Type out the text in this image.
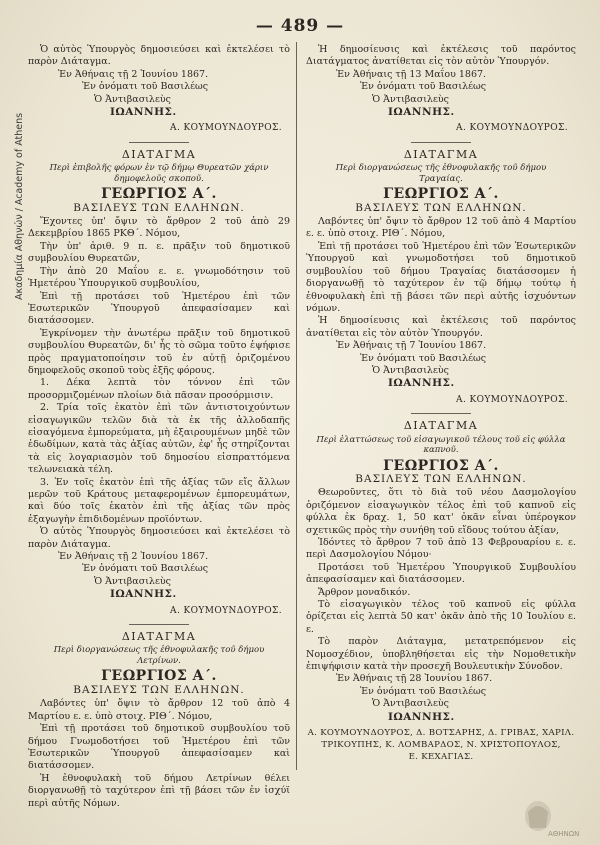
— 489 —
Ακαδημία Αθηνών / Academy of Athens

Ὁ αὐτὸς Ὑπουργὸς δημοσιεύσει καὶ ἐκτελέσει τὸ παρὸν Διάταγμα.

Ἐν Ἀθήναις τῇ 2 Ἰουνίου 1867.

Ἐν ὀνόματι τοῦ Βασιλέως

Ὁ Ἀντιβασιλεὺς

ΙΩΑΝΝΗΣ.

Α. ΚΟΥΜΟΥΝΔΟΥΡΟΣ.

ΔΙΑΤΑΓΜΑ
Περὶ ἐπιβολῆς φόρων ἐν τῷ δήμῳ Θυρεατῶν χάριν δημοφελοῦς σκοποῦ.
ΓΕΩΡΓΙΟΣ Α΄.
ΒΑΣΙΛΕΥΣ ΤΩΝ ΕΛΛΗΝΩΝ.

Ἔχοντες ὑπ' ὄψιν τὸ ἄρθρον 2 τοῦ ἀπὸ 29 Δεκεμβρίου 1865 ΡΚΘ΄. Νόμου,

Τὴν ὑπ' ἀριθ. 9 π. ε. πρᾶξιν τοῦ δημοτικοῦ συμβουλίου Θυρεατῶν,

Τὴν ἀπὸ 20 Μαΐου ε. ε. γνωμοδότησιν τοῦ Ἡμετέρου Ὑπουργικοῦ συμβουλίου,

Ἐπὶ τῇ προτάσει τοῦ Ἡμετέρου ἐπὶ τῶν Ἐσωτερικῶν Ὑπουργοῦ ἀπεφασίσαμεν καὶ διατάσσομεν.

Ἐγκρίνομεν τὴν ἀνωτέρω πρᾶξιν τοῦ δημοτικοῦ συμβουλίου Θυρεατῶν, δι' ἧς τὸ σῶμα τοῦτο ἐψήφισε πρὸς πραγματοποίησιν τοῦ ἐν αὐτῇ ὁριζομένου δημοφελοῦς σκοποῦ τοὺς ἑξῆς φόρους.

1. Δέκα λεπτὰ τὸν τόννον ἐπὶ τῶν προσορμιζομένων πλοίων διὰ πᾶσαν προσόρμισιν.

2. Τρία τοῖς ἑκατὸν ἐπὶ τῶν ἀντιστοιχούντων εἰσαγωγικῶν τελῶν διὰ τὰ ἐκ τῆς ἀλλοδαπῆς εἰσαγόμενα ἐμπορεύματα, μὴ ἐξαιρουμένων μηδὲ τῶν ἐδωδίμων, κατὰ τὰς ἀξίας αὐτῶν, ἐφ' ἧς στηρίζονται τὰ εἰς λογαριασμὸν τοῦ δημοσίου εἰσπραττόμενα τελωνειακὰ τέλη.

3. Ἐν τοῖς ἑκατὸν ἐπὶ τῆς ἀξίας τῶν εἴς ἄλλων μερῶν τοῦ Κράτους μεταφερομένων ἐμπορευμάτων, καὶ δύο τοῖς ἑκατὸν ἐπὶ τῆς ἀξίας τῶν πρὸς ἐξαγωγὴν ἐπιδιδομένων προϊόντων.

Ὁ αὐτὸς Ὑπουργὸς δημοσιεύσει καὶ ἐκτελέσει τὸ παρὸν Διάταγμα.

Ἐν Ἀθήναις τῇ 2 Ἰουνίου 1867.

Ἐν ὀνόματι τοῦ Βασιλέως

Ὁ Ἀντιβασιλεὺς

ΙΩΑΝΝΗΣ.

Α. ΚΟΥΜΟΥΝΔΟΥΡΟΣ.

ΔΙΑΤΑΓΜΑ
Περὶ διοργανώσεως τῆς ἐθνοφυλακῆς τοῦ δήμου Λετρίνων.
ΓΕΩΡΓΙΟΣ Α΄.
ΒΑΣΙΛΕΥΣ ΤΩΝ ΕΛΛΗΝΩΝ.

Λαβόντες ὑπ' ὄψιν τὸ ἄρθρον 12 τοῦ ἀπὸ 4 Μαρτίου ε. ε. ὑπὸ στοιχ. ΡΙΘ΄. Νόμου,

Ἐπὶ τῇ προτάσει τοῦ δημοτικοῦ συμβουλίου τοῦ δήμου Γνωμοδοτήσει τοῦ Ἡμετέρου ἐπὶ τῶν Ἐσωτερικῶν Ὑπουργοῦ ἀπεφασίσαμεν καὶ διατάσσομεν.

Ἡ ἐθνοφυλακὴ τοῦ δήμου Λετρίνων θέλει διοργανωθῇ τὸ ταχύτερον ἐπὶ τῇ βάσει τῶν ἐν ἰσχύϊ περὶ αὐτῆς Νόμων.

Ἡ δημοσίευσις καὶ ἐκτέλεσις τοῦ παρόντος Διατάγματος ἀνατίθεται εἰς τὸν αὐτὸν Ὑπουργόν.

Ἐν Ἀθήναις τῇ 13 Μαΐου 1867.

Ἐν ὀνόματι τοῦ Βασιλέως

Ὁ Ἀντιβασιλεὺς

ΙΩΑΝΝΗΣ.

Α. ΚΟΥΜΟΥΝΔΟΥΡΟΣ.

ΔΙΑΤΑΓΜΑ
Περὶ διοργανώσεως τῆς ἐθνοφυλακῆς τοῦ δήμου Τραγαίας.
ΓΕΩΡΓΙΟΣ Α΄.
ΒΑΣΙΛΕΥΣ ΤΩΝ ΕΛΛΗΝΩΝ.

Λαβόντες ὑπ' ὄψιν τὸ ἄρθρον 12 τοῦ ἀπὸ 4 Μαρτίου ε. ε. ὑπὸ στοιχ. ΡΙΘ΄. Νόμου,

Ἐπὶ τῇ προτάσει τοῦ Ἡμετέρου ἐπὶ τῶν Ἐσωτερικῶν Ὑπουργοῦ καὶ γνωμοδοτήσει τοῦ δημοτικοῦ συμβουλίου τοῦ δήμου Τραγαίας διατάσσομεν ἡ διοργανωθῇ τὸ ταχύτερον ἐν τῷ δήμῳ τούτῳ ἡ ἐθνοφυλακὴ ἐπὶ τῇ βάσει τῶν περὶ αὐτῆς ἰσχυόντων νόμων.

Ἡ δημοσίευσις καὶ ἐκτέλεσις τοῦ παρόντος ἀνατίθεται εἰς τὸν αὐτὸν Ὑπουργόν.

Ἐν Ἀθήναις τῇ 7 Ἰουνίου 1867.

Ἐν ὀνόματι τοῦ Βασιλέως

Ὁ Ἀντιβασιλεὺς

ΙΩΑΝΝΗΣ.

Α. ΚΟΥΜΟΥΝΔΟΥΡΟΣ.

ΔΙΑΤΑΓΜΑ
Περὶ ἐλαττώσεως τοῦ εἰσαγωγικοῦ τέλους τοῦ εἰς φύλλα καπνοῦ.
ΓΕΩΡΓΙΟΣ Α΄.
ΒΑΣΙΛΕΥΣ ΤΩΝ ΕΛΛΗΝΩΝ.

Θεωροῦντες, ὅτι τὸ διὰ τοῦ νέου Δασμολογίου ὁριζόμενον εἰσαγωγικὸν τέλος ἐπὶ τοῦ καπνοῦ εἰς φύλλα ἐκ δραχ. 1, 50 κατ' ὀκᾶν εἶναι ὑπέρογκον σχετικῶς πρὸς τὴν συνήθη τοῦ εἴδους τούτου ἀξίαν,

Ἰδόντες τὸ ἄρθρον 7 τοῦ ἀπὸ 13 Φεβρουαρίου ε. ε. περὶ Δασμολογίου Νόμου·

Προτάσει τοῦ Ἡμετέρου Ὑπουργικοῦ Συμβουλίου ἀπεφασίσαμεν καὶ διατάσσομεν.

Ἄρθρον μοναδικόν.

Τὸ εἰσαγωγικὸν τέλος τοῦ καπνοῦ εἰς φύλλα ὁρίζεται εἰς λεπτὰ 50 κατ' ὀκᾶν ἀπὸ τῆς 10 Ἰουλίου ε. ε.

Τὸ παρὸν Διάταγμα, μετατρεπόμενον εἰς Νομοσχέδιον, ὑποβληθήσεται εἰς τὴν Νομοθετικὴν ἐπιψήφισιν κατὰ τὴν προσεχῆ Βουλευτικὴν Σύνοδον.

Ἐν Ἀθήναις τῇ 28 Ἰουνίου 1867.

Ἐν ὀνόματι τοῦ Βασιλέως

Ὁ Ἀντιβασιλεὺς

ΙΩΑΝΝΗΣ.

Α. ΚΟΥΜΟΥΝΔΟΥΡΟΣ, Δ. ΒΟΤΣΑΡΗΣ, Δ. ΓΡΙΒΑΣ, ΧΑΡΙΛ.
ΤΡΙΚΟΥΠΗΣ, Κ. ΛΟΜΒΑΡΔΟΣ, Ν. ΧΡΙΣΤΟΠΟΥΛΟΣ,
Ε. ΚΕΧΑΓΙΑΣ.
ΑΘΗΝΩΝ
